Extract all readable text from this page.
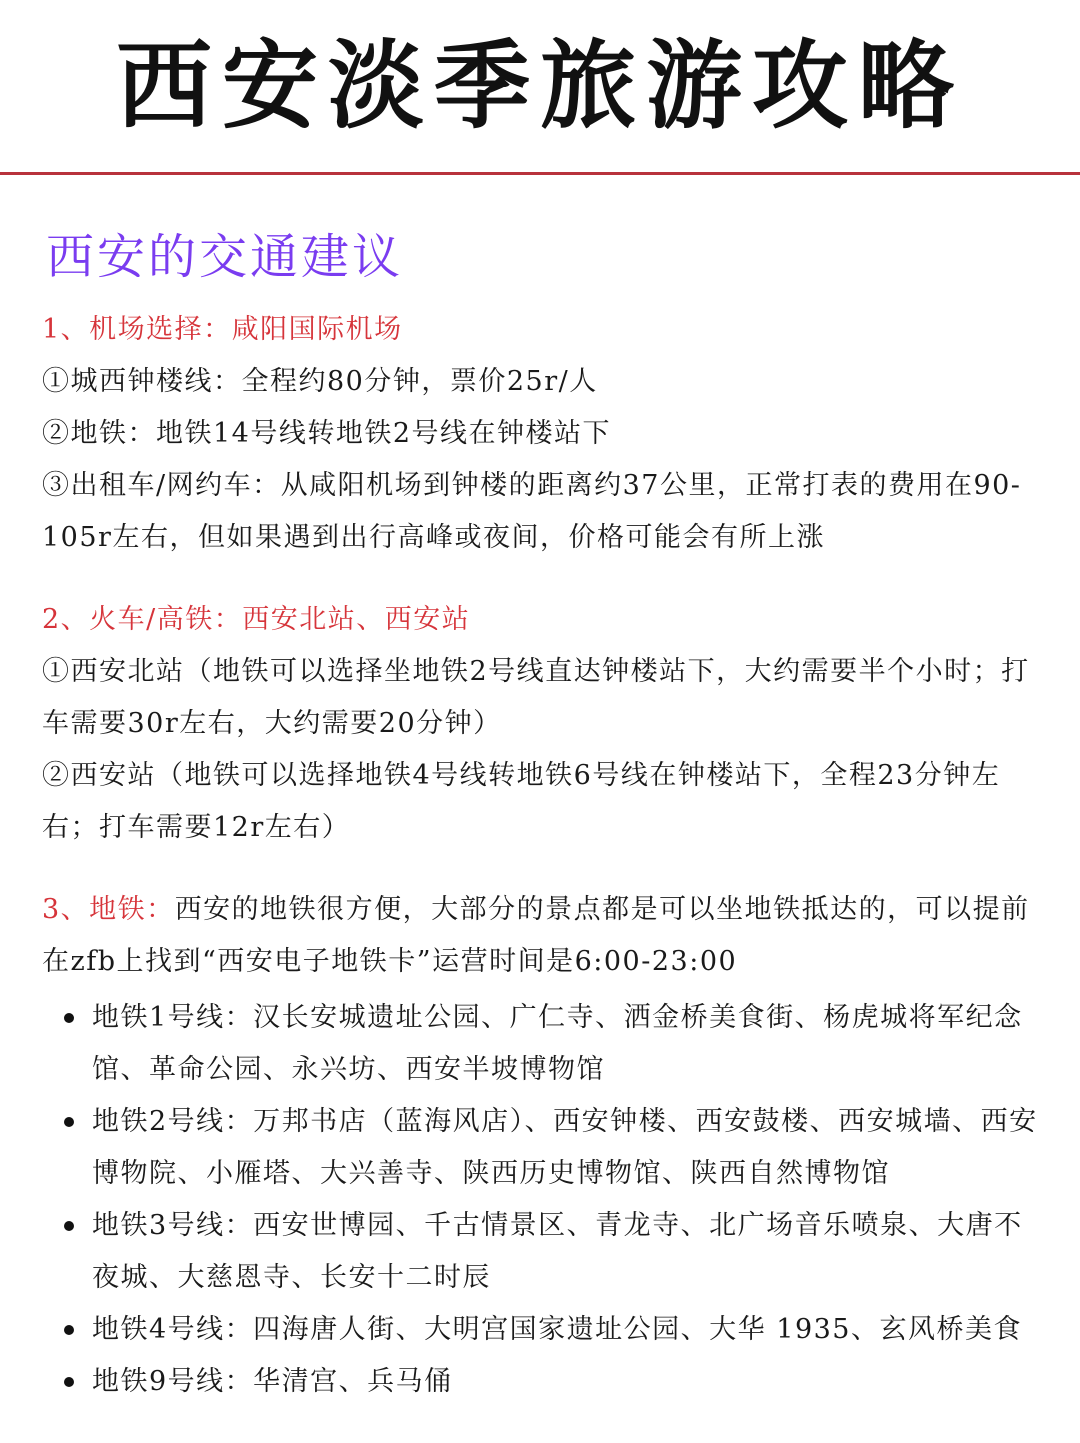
西安淡季旅游攻略
西安的交通建议

1、机场选择：咸阳国际机场

①城西钟楼线：全程约80分钟，票价25r/人

②地铁：地铁14号线转地铁2号线在钟楼站下

③出租车/网约车：从咸阳机场到钟楼的距离约37公里，正常打表的费用在90-105r左右，但如果遇到出行高峰或夜间，价格可能会有所上涨

2、火车/高铁：西安北站、西安站

①西安北站（地铁可以选择坐地铁2号线直达钟楼站下，大约需要半个小时；打车需要30r左右，大约需要20分钟）

②西安站（地铁可以选择地铁4号线转地铁6号线在钟楼站下，全程23分钟左右；打车需要12r左右）

3、地铁：西安的地铁很方便，大部分的景点都是可以坐地铁抵达的，可以提前在zfb上找到“西安电子地铁卡”运营时间是6:00-23:00

地铁1号线：汉长安城遗址公园、广仁寺、洒金桥美食街、杨虎城将军纪念馆、革命公园、永兴坊、西安半坡博物馆
地铁2号线：万邦书店（蓝海风店）、西安钟楼、西安鼓楼、西安城墙、西安博物院、小雁塔、大兴善寺、陕西历史博物馆、陕西自然博物馆
地铁3号线：西安世博园、千古情景区、青龙寺、北广场音乐喷泉、大唐不夜城、大慈恩寺、长安十二时辰
地铁4号线：四海唐人街、大明宫国家遗址公园、大华 1935、玄风桥美食
地铁9号线：华清宫、兵马俑
